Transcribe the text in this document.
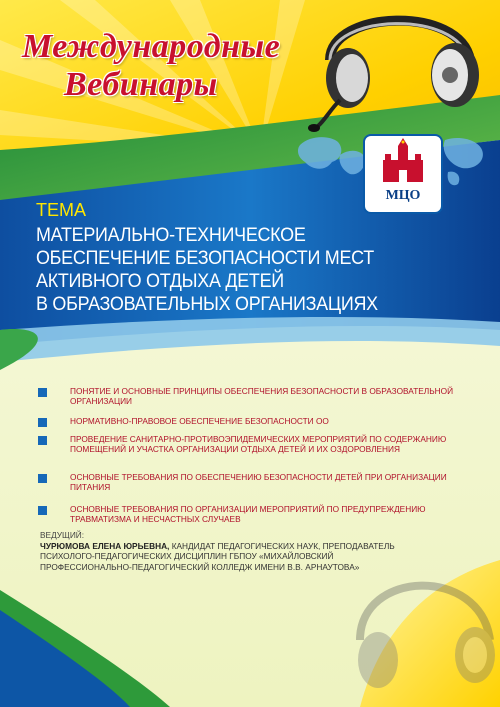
Международные
Вебинары
МЦО
ТЕМА
МАТЕРИАЛЬНО-ТЕХНИЧЕСКОЕ
ОБЕСПЕЧЕНИЕ БЕЗОПАСНОСТИ МЕСТ
АКТИВНОГО ОТДЫХА ДЕТЕЙ
В ОБРАЗОВАТЕЛЬНЫХ ОРГАНИЗАЦИЯХ
ПОНЯТИЕ И ОСНОВНЫЕ ПРИНЦИПЫ ОБЕСПЕЧЕНИЯ БЕЗОПАСНОСТИ В ОБРАЗОВАТЕЛЬНОЙ ОРГАНИЗАЦИИ
НОРМАТИВНО-ПРАВОВОЕ ОБЕСПЕЧЕНИЕ БЕЗОПАСНОСТИ ОО
ПРОВЕДЕНИЕ САНИТАРНО-ПРОТИВОЭПИДЕМИЧЕСКИХ МЕРОПРИЯТИЙ ПО СОДЕРЖАНИЮ ПОМЕЩЕНИЙ И УЧАСТКА ОРГАНИЗАЦИИ ОТДЫХА ДЕТЕЙ И ИХ ОЗДОРОВЛЕНИЯ
ОСНОВНЫЕ ТРЕБОВАНИЯ ПО ОБЕСПЕЧЕНИЮ БЕЗОПАСНОСТИ ДЕТЕЙ ПРИ ОРГАНИЗАЦИИ ПИТАНИЯ
ОСНОВНЫЕ ТРЕБОВАНИЯ ПО ОРГАНИЗАЦИИ МЕРОПРИЯТИЙ ПО ПРЕДУПРЕЖДЕНИЮ ТРАВМАТИЗМА И НЕСЧАСТНЫХ СЛУЧАЕВ
ВЕДУЩИЙ:
ЧУРЮМОВА ЕЛЕНА ЮРЬЕВНА, КАНДИДАТ ПЕДАГОГИЧЕСКИХ НАУК, ПРЕПОДАВАТЕЛЬ ПСИХОЛОГО-ПЕДАГОГИЧЕСКИХ ДИСЦИПЛИН ГБПОУ «МИХАЙЛОВСКИЙ ПРОФЕССИОНАЛЬНО-ПЕДАГОГИЧЕСКИЙ КОЛЛЕДЖ ИМЕНИ В.В. АРНАУТОВА»
